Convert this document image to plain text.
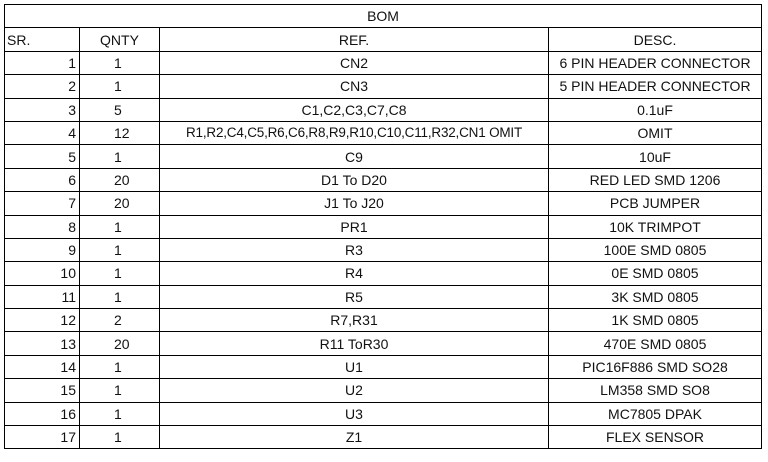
BOM			
SR.	QNTY	REF.	DESC.
1	1	CN2	6 PIN HEADER CONNECTOR
2	1	CN3	5 PIN HEADER CONNECTOR
3	5	C1,C2,C3,C7,C8	0.1uF
4	12	R1,R2,C4,C5,R6,C6,R8,R9,R10,C10,C11,R32,CN1 OMIT	OMIT
5	1	C9	10uF
6	20	D1 To D20	RED LED SMD 1206
7	20	J1 To J20	PCB JUMPER
8	1	PR1	10K TRIMPOT
9	1	R3	100E SMD 0805
10	1	R4	0E SMD 0805
11	1	R5	3K SMD 0805
12	2	R7,R31	1K SMD 0805
13	20	R11 ToR30	470E SMD 0805
14	1	U1	PIC16F886 SMD SO28
15	1	U2	LM358 SMD SO8
16	1	U3	MC7805 DPAK
17	1	Z1	FLEX SENSOR
